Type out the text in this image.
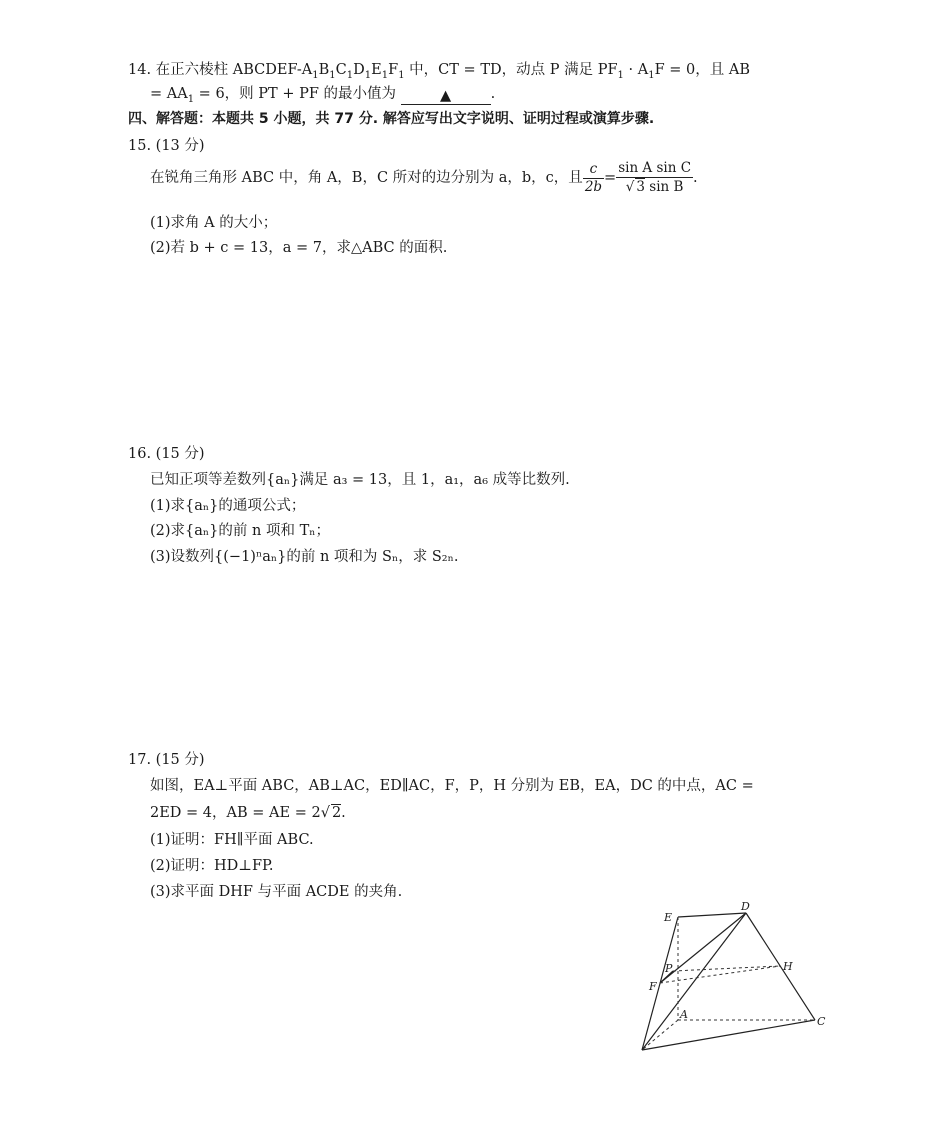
14. 在正六棱柱 ABCDEF-$A_1B_1C_1D_1E_1F_1$ 中，CT = TD，动点 P 满足 $PF_1 \cdot A_1F = 0$，且 AB
= $AA_1 = 6$，则 PT + PF 的最小值为	▲	.
四、解答题：本题共 5 小题，共 77 分. 解答应写出文字说明、证明过程或演算步骤.
15. (13 分)
在锐角三角形 ABC 中，角 A，B，C 所对的边分别为 a，b，c，且 $\frac{c}{2b} = \frac{\text{sin A sin C}}{\text{√ 3 sin B}}$ .
(1)求角 A 的大小；
(2)若 b + c = 13，a = 7，求△ABC 的面积.
16. (15 分)
已知正项等差数列{aₙ}满足 a₃ = 13，且 1，a₁，a₆ 成等比数列.
(1)求{aₙ}的通项公式；
(2)求{aₙ}的前 n 项和 Tₙ；
(3)设数列{(−1)ⁿaₙ}的前 n 项和为 Sₙ，求 S₂ₙ.
17. (15 分)
如图，EA⊥平面 ABC，AB⊥AC，ED∥AC，F，P，H 分别为 EB，EA，DC 的中点，AC =
2ED = 4，AB = AE = 2√ 2.
(1)证明：FH∥平面 ABC.
(2)证明：HD⊥FP.
(3)求平面 DHF 与平面 ACDE 的夹角.
E
D
P	H
F
A
C
